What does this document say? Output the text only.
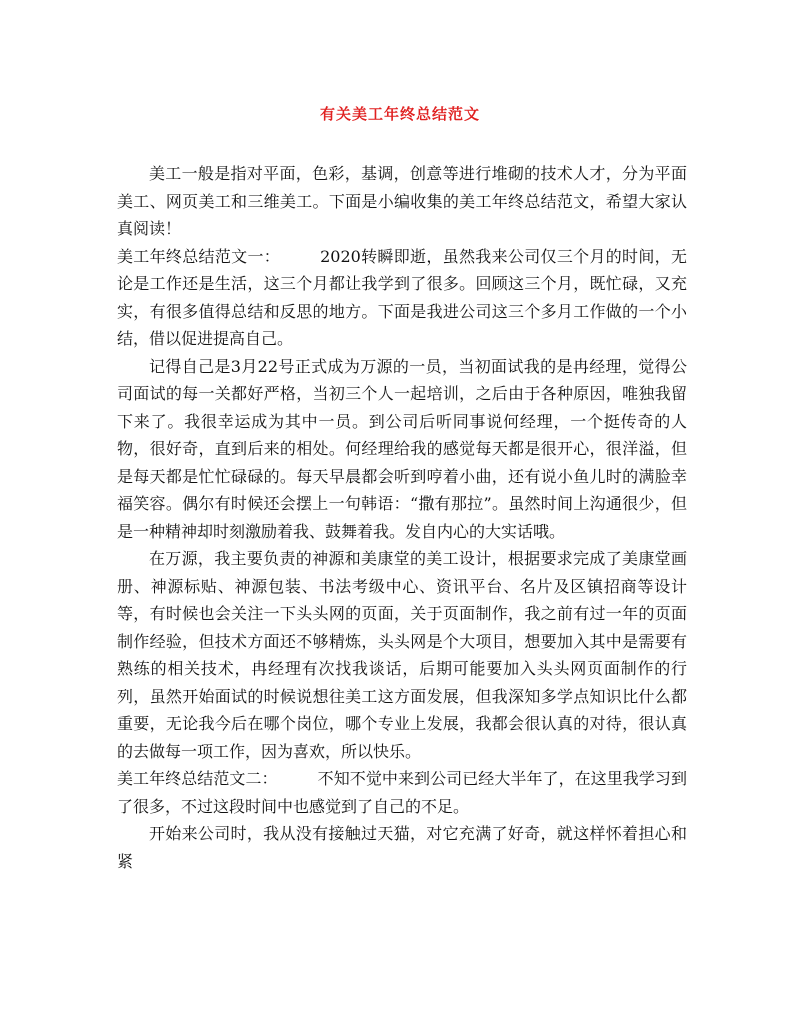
有关美工年终总结范文

美工一般是指对平面，色彩，基调，创意等进行堆砌的技术人才，分为平面美工、网页美工和三维美工。下面是小编收集的美工年终总结范文，希望大家认真阅读！

美工年终总结范文一：	2020转瞬即逝，虽然我来公司仅三个月的时间，无论是工作还是生活，这三个月都让我学到了很多。回顾这三个月，既忙碌，又充实，有很多值得总结和反思的地方。下面是我进公司这三个多月工作做的一个小结，借以促进提高自己。

记得自己是3月22号正式成为万源的一员，当初面试我的是冉经理，觉得公司面试的每一关都好严格，当初三个人一起培训，之后由于各种原因，唯独我留下来了。我很幸运成为其中一员。到公司后听同事说何经理，一个挺传奇的人物，很好奇，直到后来的相处。何经理给我的感觉每天都是很开心，很洋溢，但是每天都是忙忙碌碌的。每天早晨都会听到哼着小曲，还有说小鱼儿时的满脸幸福笑容。偶尔有时候还会摆上一句韩语：“撒有那拉”。虽然时间上沟通很少，但是一种精神却时刻激励着我、鼓舞着我。发自内心的大实话哦。

在万源，我主要负责的神源和美康堂的美工设计，根据要求完成了美康堂画册、神源标贴、神源包装、书法考级中心、资讯平台、名片及区镇招商等设计等，有时候也会关注一下头头网的页面，关于页面制作，我之前有过一年的页面制作经验，但技术方面还不够精炼，头头网是个大项目，想要加入其中是需要有熟练的相关技术，冉经理有次找我谈话，后期可能要加入头头网页面制作的行列，虽然开始面试的时候说想往美工这方面发展，但我深知多学点知识比什么都重要，无论我今后在哪个岗位，哪个专业上发展，我都会很认真的对待，很认真的去做每一项工作，因为喜欢，所以快乐。

美工年终总结范文二：	不知不觉中来到公司已经大半年了，在这里我学习到了很多，不过这段时间中也感觉到了自己的不足。

开始来公司时，我从没有接触过天猫，对它充满了好奇，就这样怀着担心和紧
